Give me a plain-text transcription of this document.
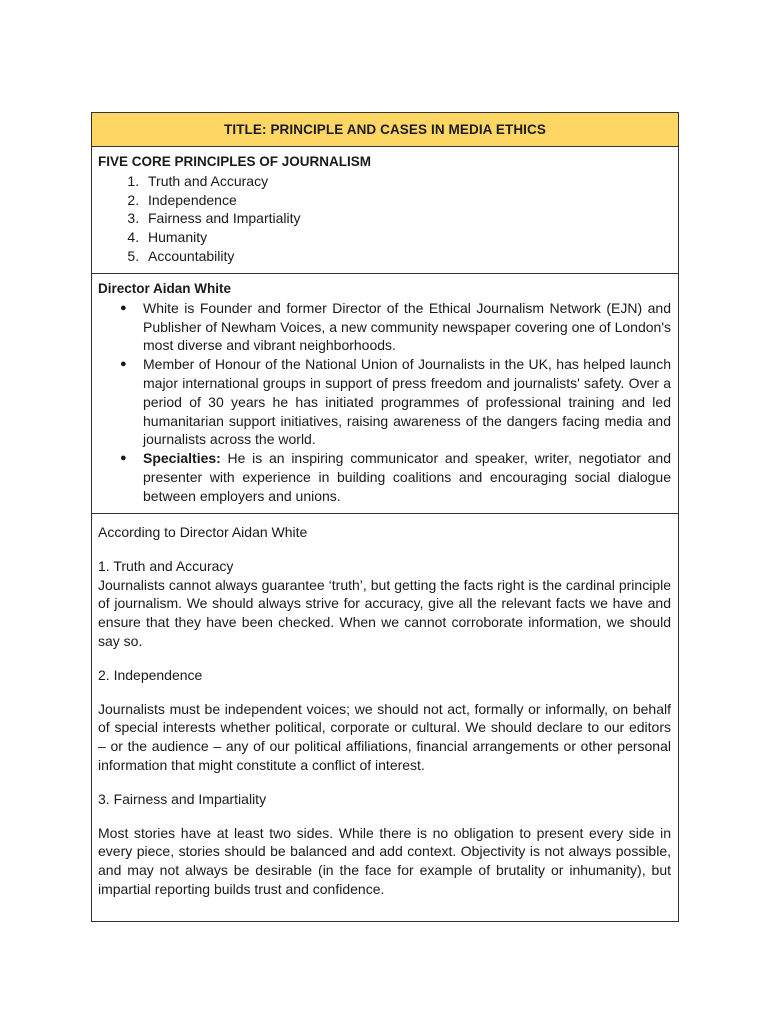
TITLE: PRINCIPLE AND CASES IN MEDIA ETHICS
FIVE CORE PRINCIPLES OF JOURNALISM
1. Truth and Accuracy
2. Independence
3. Fairness and Impartiality
4. Humanity
5. Accountability
Director Aidan White
● White is Founder and former Director of the Ethical Journalism Network (EJN) and Publisher of Newham Voices, a new community newspaper covering one of London's most diverse and vibrant neighborhoods.
● Member of Honour of the National Union of Journalists in the UK, has helped launch major international groups in support of press freedom and journalists' safety. Over a period of 30 years he has initiated programmes of professional training and led humanitarian support initiatives, raising awareness of the dangers facing media and journalists across the world.
● Specialties: He is an inspiring communicator and speaker, writer, negotiator and presenter with experience in building coalitions and encouraging social dialogue between employers and unions.

According to Director Aidan White

1. Truth and Accuracy

Journalists cannot always guarantee ‘truth’, but getting the facts right is the cardinal principle of journalism. We should always strive for accuracy, give all the relevant facts we have and ensure that they have been checked. When we cannot corroborate information, we should say so.

2. Independence

Journalists must be independent voices; we should not act, formally or informally, on behalf of special interests whether political, corporate or cultural. We should declare to our editors – or the audience – any of our political affiliations, financial arrangements or other personal information that might constitute a conflict of interest.

3. Fairness and Impartiality

Most stories have at least two sides. While there is no obligation to present every side in every piece, stories should be balanced and add context. Objectivity is not always possible, and may not always be desirable (in the face for example of brutality or inhumanity), but impartial reporting builds trust and confidence.
